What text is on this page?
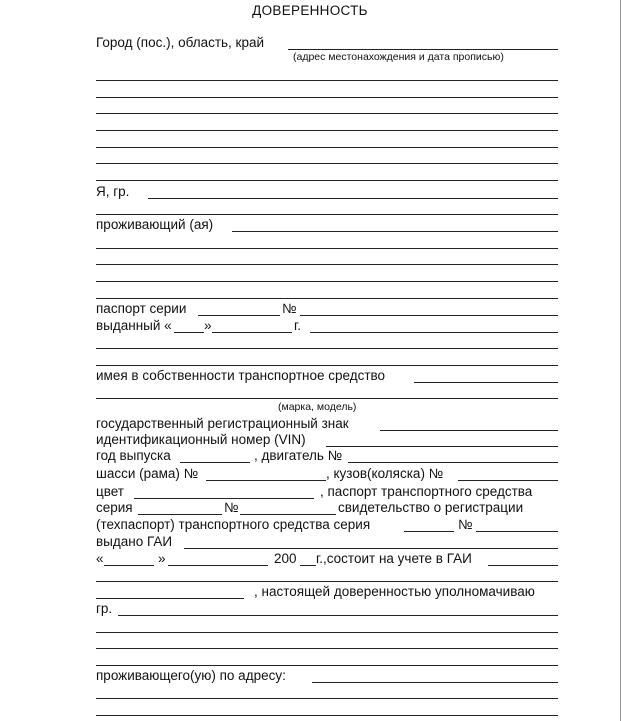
ДОВЕРЕННОСТЬ
Город (пос.), область, край
(адрес местонахождения и дата прописью)
Я, гр.
проживающий (ая)
паспорт серии	№
выданный « »	г.
имея в собственности транспортное средство
(марка, модель)
государственный регистрационный знак
идентификационный номер (VIN)
год выпуска	, двигатель №
шасси (рама) №	, кузов(коляска) №
цвет	, паспорт транспортного средства
серия	№	свидетельство о регистрации
(техпаспорт) транспортного средства серия	№
выдано ГАИ
«	»	200 г.,состоит на учете в ГАИ
, настоящей доверенностью уполномачиваю
гр.
проживающего(ую) по адресу:
